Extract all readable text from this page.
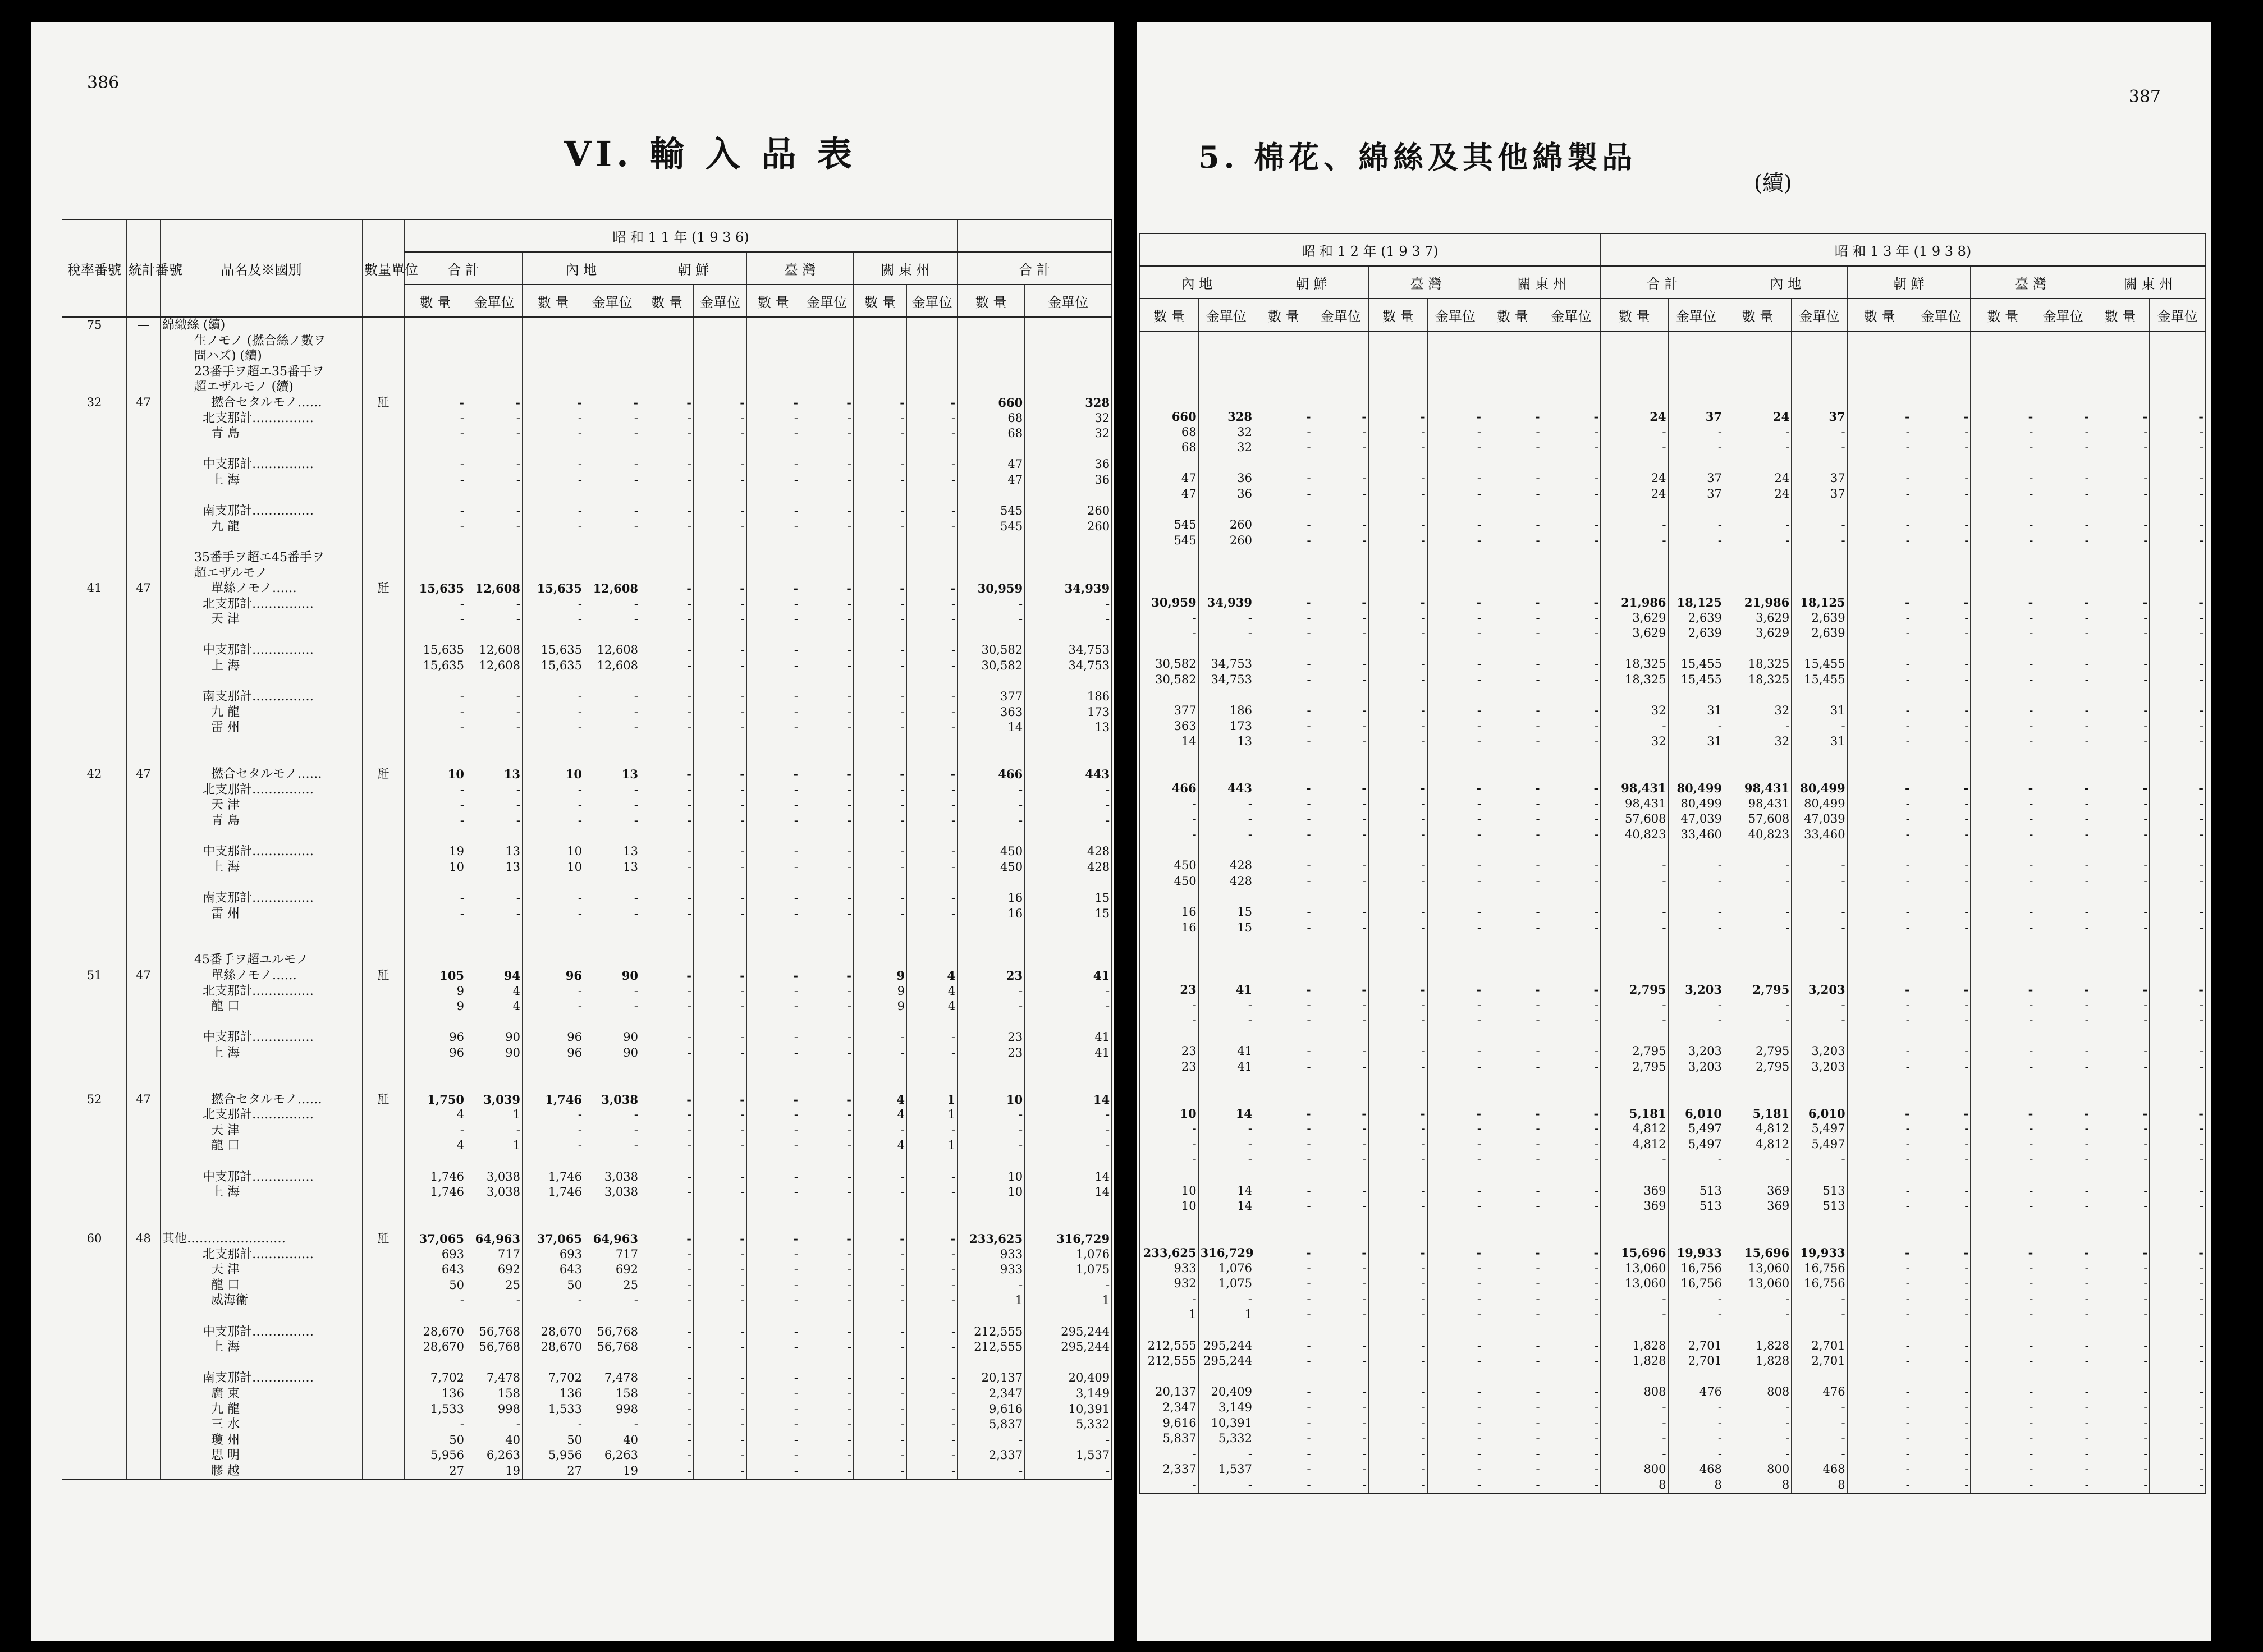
386
VI. 輸 入 品 表
稅率番號	統計番號	品名及※國別	數量單位	昭 和 1 1 年 (1 9 3 6)											
				合 計		內 地		朝 鮮		臺 灣		關 東 州		合 計	
				數 量	金單位	數 量	金單位	數 量	金單位	數 量	金單位	數 量	金單位	數 量	金單位
75	—	綿織絲 (續)													
		生ノモノ (撚合絲ノ數ヲ													
		問ハズ) (續)													
		23番手ヲ超エ35番手ヲ													
		超エザルモノ (續)													
32	47	撚合セタルモノ……	瓩	-	-	-	-	-	-	-	-	-	-	660	328
		北支那計……………		-	-	-	-	-	-	-	-	-	-	68	32
		青 島		-	-	-	-	-	-	-	-	-	-	68	32

		中支那計……………		-	-	-	-	-	-	-	-	-	-	47	36
		上 海		-	-	-	-	-	-	-	-	-	-	47	36

		南支那計……………		-	-	-	-	-	-	-	-	-	-	545	260
		九 龍		-	-	-	-	-	-	-	-	-	-	545	260

		35番手ヲ超エ45番手ヲ													
		超エザルモノ													
41	47	單絲ノモノ……	瓩	15,635	12,608	15,635	12,608	-	-	-	-	-	-	30,959	34,939
		北支那計……………		-	-	-	-	-	-	-	-	-	-	-	-
		天 津		-	-	-	-	-	-	-	-	-	-	-	-

		中支那計……………		15,635	12,608	15,635	12,608	-	-	-	-	-	-	30,582	34,753
		上 海		15,635	12,608	15,635	12,608	-	-	-	-	-	-	30,582	34,753

		南支那計……………		-	-	-	-	-	-	-	-	-	-	377	186
		九 龍		-	-	-	-	-	-	-	-	-	-	363	173
		雷 州		-	-	-	-	-	-	-	-	-	-	14	13

42	47	撚合セタルモノ……	瓩	10	13	10	13	-	-	-	-	-	-	466	443
		北支那計……………		-	-	-	-	-	-	-	-	-	-	-	-
		天 津		-	-	-	-	-	-	-	-	-	-	-	-
		青 島		-	-	-	-	-	-	-	-	-	-	-	-

		中支那計……………		19	13	10	13	-	-	-	-	-	-	450	428
		上 海		10	13	10	13	-	-	-	-	-	-	450	428

		南支那計……………		-	-	-	-	-	-	-	-	-	-	16	15
		雷 州		-	-	-	-	-	-	-	-	-	-	16	15

		45番手ヲ超ユルモノ													
51	47	單絲ノモノ……	瓩	105	94	96	90	-	-	-	-	9	4	23	41
		北支那計……………		9	4	-	-	-	-	-	-	9	4	-	-
		龍 口		9	4	-	-	-	-	-	-	9	4	-	-

		中支那計……………		96	90	96	90	-	-	-	-	-	-	23	41
		上 海		96	90	96	90	-	-	-	-	-	-	23	41

52	47	撚合セタルモノ……	瓩	1,750	3,039	1,746	3,038	-	-	-	-	4	1	10	14
		北支那計……………		4	1	-	-	-	-	-	-	4	1	-	-
		天 津		-	-	-	-	-	-	-	-	-	-	-	-
		龍 口		4	1	-	-	-	-	-	-	4	1	-	-

		中支那計……………		1,746	3,038	1,746	3,038	-	-	-	-	-	-	10	14
		上 海		1,746	3,038	1,746	3,038	-	-	-	-	-	-	10	14

60	48	其他……………………	瓩	37,065	64,963	37,065	64,963	-	-	-	-	-	-	233,625	316,729
		北支那計……………		693	717	693	717	-	-	-	-	-	-	933	1,076
		天 津		643	692	643	692	-	-	-	-	-	-	933	1,075
		龍 口		50	25	50	25	-	-	-	-	-	-	-	-
		威海衞		-	-	-	-	-	-	-	-	-	-	1	1

		中支那計……………		28,670	56,768	28,670	56,768	-	-	-	-	-	-	212,555	295,244
		上 海		28,670	56,768	28,670	56,768	-	-	-	-	-	-	212,555	295,244

		南支那計……………		7,702	7,478	7,702	7,478	-	-	-	-	-	-	20,137	20,409
		廣 東		136	158	136	158	-	-	-	-	-	-	2,347	3,149
		九 龍		1,533	998	1,533	998	-	-	-	-	-	-	9,616	10,391
		三 水		-	-	-	-	-	-	-	-	-	-	5,837	5,332
		瓊 州		50	40	50	40	-	-	-	-	-	-	-	-
		思 明		5,956	6,263	5,956	6,263	-	-	-	-	-	-	2,337	1,537
		膠 越		27	19	27	19	-	-	-	-	-	-	-	-
387
5. 棉花、綿絲及其他綿製品
(續)
昭 和 1 2 年 (1 9 3 7)								昭 和 1 3 年 (1 9 3 8)									
內 地		朝 鮮		臺 灣		關 東 州		合 計		內 地		朝 鮮		臺 灣		關 東 州	
數 量	金單位	數 量	金單位	數 量	金單位	數 量	金單位	數 量	金單位	數 量	金單位	數 量	金單位	數 量	金單位	數 量	金單位

660	328	-	-	-	-	-	-	24	37	24	37	-	-	-	-	-	-
68	32	-	-	-	-	-	-	-	-	-	-	-	-	-	-	-	-
68	32	-	-	-	-	-	-	-	-	-	-	-	-	-	-	-	-

47	36	-	-	-	-	-	-	24	37	24	37	-	-	-	-	-	-
47	36	-	-	-	-	-	-	24	37	24	37	-	-	-	-	-	-

545	260	-	-	-	-	-	-	-	-	-	-	-	-	-	-	-	-
545	260	-	-	-	-	-	-	-	-	-	-	-	-	-	-	-	-

30,959	34,939	-	-	-	-	-	-	21,986	18,125	21,986	18,125	-	-	-	-	-	-
-	-	-	-	-	-	-	-	3,629	2,639	3,629	2,639	-	-	-	-	-	-
-	-	-	-	-	-	-	-	3,629	2,639	3,629	2,639	-	-	-	-	-	-

30,582	34,753	-	-	-	-	-	-	18,325	15,455	18,325	15,455	-	-	-	-	-	-
30,582	34,753	-	-	-	-	-	-	18,325	15,455	18,325	15,455	-	-	-	-	-	-

377	186	-	-	-	-	-	-	32	31	32	31	-	-	-	-	-	-
363	173	-	-	-	-	-	-	-	-	-	-	-	-	-	-	-	-
14	13	-	-	-	-	-	-	32	31	32	31	-	-	-	-	-	-

466	443	-	-	-	-	-	-	98,431	80,499	98,431	80,499	-	-	-	-	-	-
-	-	-	-	-	-	-	-	98,431	80,499	98,431	80,499	-	-	-	-	-	-
-	-	-	-	-	-	-	-	57,608	47,039	57,608	47,039	-	-	-	-	-	-
-	-	-	-	-	-	-	-	40,823	33,460	40,823	33,460	-	-	-	-	-	-

450	428	-	-	-	-	-	-	-	-	-	-	-	-	-	-	-	-
450	428	-	-	-	-	-	-	-	-	-	-	-	-	-	-	-	-

16	15	-	-	-	-	-	-	-	-	-	-	-	-	-	-	-	-
16	15	-	-	-	-	-	-	-	-	-	-	-	-	-	-	-	-

23	41	-	-	-	-	-	-	2,795	3,203	2,795	3,203	-	-	-	-	-	-
-	-	-	-	-	-	-	-	-	-	-	-	-	-	-	-	-	-
-	-	-	-	-	-	-	-	-	-	-	-	-	-	-	-	-	-

23	41	-	-	-	-	-	-	2,795	3,203	2,795	3,203	-	-	-	-	-	-
23	41	-	-	-	-	-	-	2,795	3,203	2,795	3,203	-	-	-	-	-	-

10	14	-	-	-	-	-	-	5,181	6,010	5,181	6,010	-	-	-	-	-	-
-	-	-	-	-	-	-	-	4,812	5,497	4,812	5,497	-	-	-	-	-	-
-	-	-	-	-	-	-	-	4,812	5,497	4,812	5,497	-	-	-	-	-	-
-	-	-	-	-	-	-	-	-	-	-	-	-	-	-	-	-	-

10	14	-	-	-	-	-	-	369	513	369	513	-	-	-	-	-	-
10	14	-	-	-	-	-	-	369	513	369	513	-	-	-	-	-	-

233,625	316,729	-	-	-	-	-	-	15,696	19,933	15,696	19,933	-	-	-	-	-	-
933	1,076	-	-	-	-	-	-	13,060	16,756	13,060	16,756	-	-	-	-	-	-
932	1,075	-	-	-	-	-	-	13,060	16,756	13,060	16,756	-	-	-	-	-	-
-	-	-	-	-	-	-	-	-	-	-	-	-	-	-	-	-	-
1	1	-	-	-	-	-	-	-	-	-	-	-	-	-	-	-	-

212,555	295,244	-	-	-	-	-	-	1,828	2,701	1,828	2,701	-	-	-	-	-	-
212,555	295,244	-	-	-	-	-	-	1,828	2,701	1,828	2,701	-	-	-	-	-	-

20,137	20,409	-	-	-	-	-	-	808	476	808	476	-	-	-	-	-	-
2,347	3,149	-	-	-	-	-	-	-	-	-	-	-	-	-	-	-	-
9,616	10,391	-	-	-	-	-	-	-	-	-	-	-	-	-	-	-	-
5,837	5,332	-	-	-	-	-	-	-	-	-	-	-	-	-	-	-	-
-	-	-	-	-	-	-	-	-	-	-	-	-	-	-	-	-	-
2,337	1,537	-	-	-	-	-	-	800	468	800	468	-	-	-	-	-	-
-	-	-	-	-	-	-	-	8	8	8	8	-	-	-	-	-	-
